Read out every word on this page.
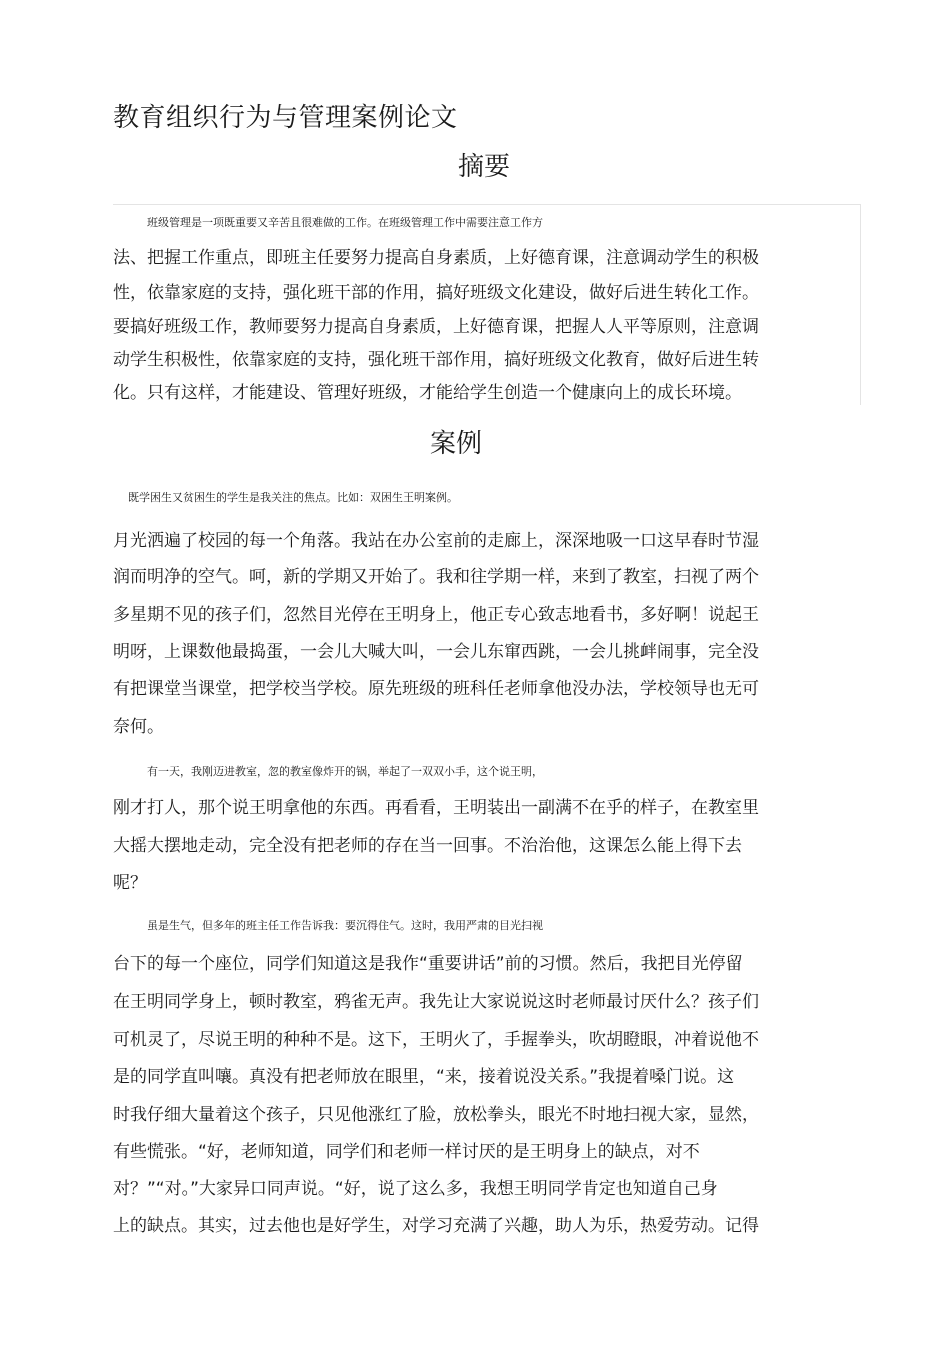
教育组织行为与管理案例论文
摘要

班级管理是一项既重要又辛苦且很难做的工作。在班级管理工作中需要注意工作方

法、把握工作重点，即班主任要努力提高自身素质，上好德育课，注意调动学生的积极

性，依靠家庭的支持，强化班干部的作用，搞好班级文化建设，做好后进生转化工作。

要搞好班级工作，教师要努力提高自身素质，上好德育课，把握人人平等原则，注意调

动学生积极性，依靠家庭的支持，强化班干部作用，搞好班级文化教育，做好后进生转

化。只有这样，才能建设、管理好班级，才能给学生创造一个健康向上的成长环境。

案例

既学困生又贫困生的学生是我关注的焦点。比如：双困生王明案例。

月光洒遍了校园的每一个角落。我站在办公室前的走廊上，深深地吸一口这早春时节湿

润而明净的空气。呵，新的学期又开始了。我和往学期一样，来到了教室，扫视了两个

多星期不见的孩子们，忽然目光停在王明身上，他正专心致志地看书，多好啊！说起王

明呀，上课数他最捣蛋，一会儿大喊大叫，一会儿东窜西跳，一会儿挑衅闹事，完全没

有把课堂当课堂，把学校当学校。原先班级的班科任老师拿他没办法，学校领导也无可

奈何。

有一天，我刚迈进教室，忽的教室像炸开的锅，举起了一双双小手，这个说王明，

刚才打人，那个说王明拿他的东西。再看看，王明装出一副满不在乎的样子，在教室里

大摇大摆地走动，完全没有把老师的存在当一回事。不治治他，这课怎么能上得下去

呢？

虽是生气，但多年的班主任工作告诉我：要沉得住气。这时，我用严肃的目光扫视

台下的每一个座位，同学们知道这是我作“重要讲话”前的习惯。然后，我把目光停留

在王明同学身上，顿时教室，鸦雀无声。我先让大家说说这时老师最讨厌什么？孩子们

可机灵了，尽说王明的种种不是。这下，王明火了，手握拳头，吹胡瞪眼，冲着说他不

是的同学直叫嚷。真没有把老师放在眼里，“来，接着说没关系。”我提着嗓门说。这

时我仔细大量着这个孩子，只见他涨红了脸，放松拳头，眼光不时地扫视大家，显然，

有些慌张。“好，老师知道，同学们和老师一样讨厌的是王明身上的缺点，对不

对？”“对。”大家异口同声说。“好，说了这么多，我想王明同学肯定也知道自己身

上的缺点。其实，过去他也是好学生，对学习充满了兴趣，助人为乐，热爱劳动。记得
